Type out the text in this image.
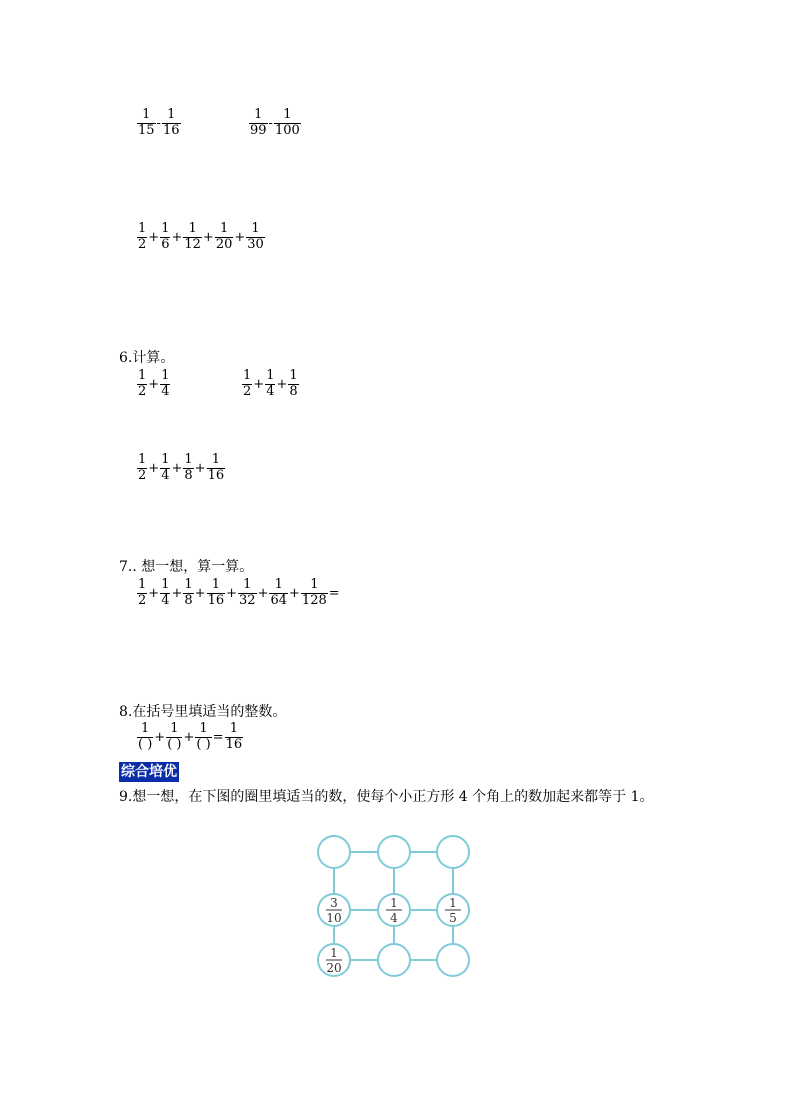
$\frac{1}{15} - \frac{1}{16}$	$\frac{1}{99} - \frac{1}{100}$
$\frac{1}{2} + \frac{1}{6} + \frac{1}{12} + \frac{1}{20} + \frac{1}{30}$
6.计算。
$\frac{1}{2} + \frac{1}{4}$	$\frac{1}{2} + \frac{1}{4} + \frac{1}{8}$
$\frac{1}{2} + \frac{1}{4} + \frac{1}{8} + \frac{1}{16}$
7.. 想一想，算一算。
$\frac{1}{2} + \frac{1}{4} + \frac{1}{8} + \frac{1}{16} + \frac{1}{32} + \frac{1}{64} + \frac{1}{128}$ =
8.在括号里填适当的整数。
$\frac{1}{( )} + \frac{1}{( )} + \frac{1}{( )} = \frac{1}{16}$
综合培优
9.想一想，在下图的圈里填适当的数，使每个小正方形 4 个角上的数加起来都等于 1。
3
10
1
4
1
5
1
20
